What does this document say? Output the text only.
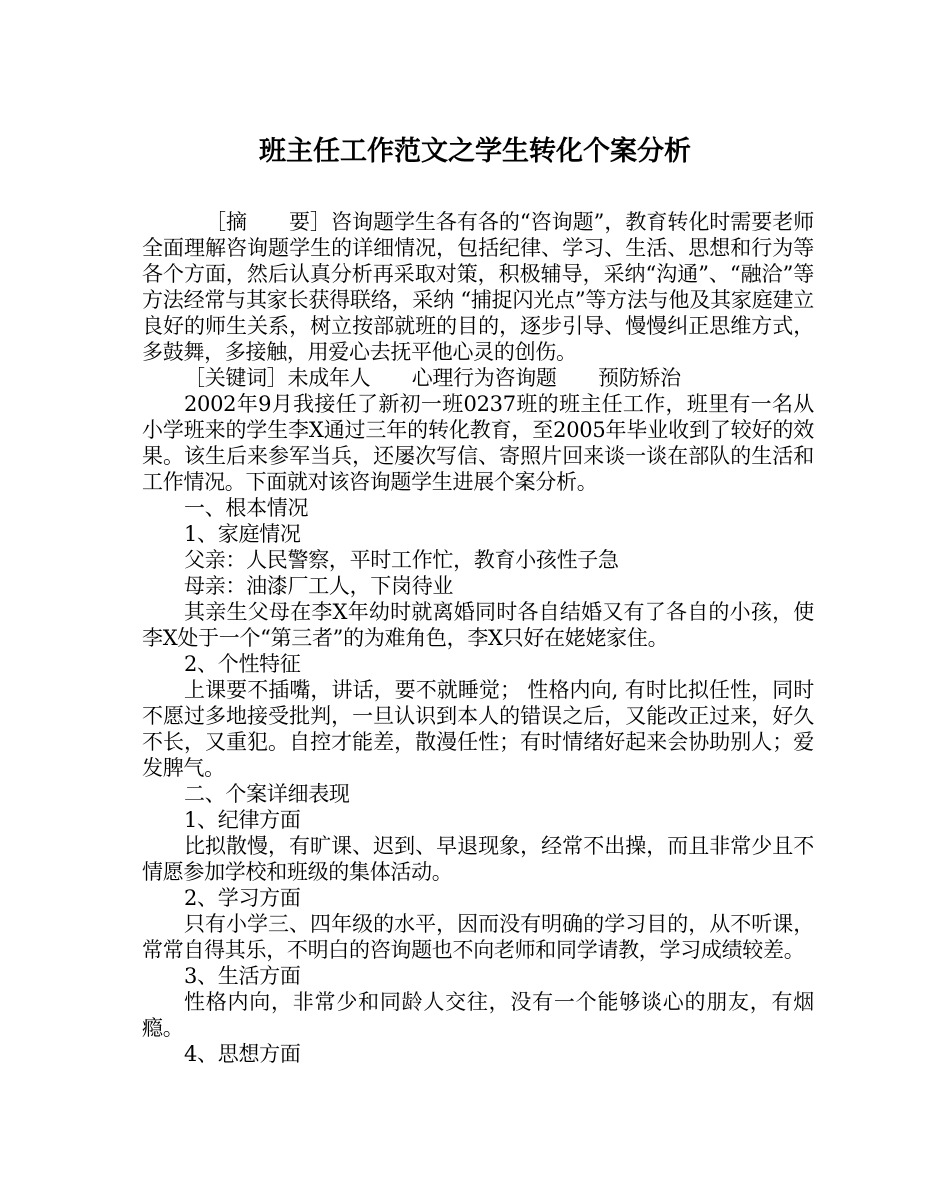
班主任工作范文之学生转化个案分析

［摘　　要］咨询题学生各有各的“咨询题”，教育转化时需要老师全面理解咨询题学生的详细情况，包括纪律、学习、生活、思想和行为等各个方面，然后认真分析再采取对策，积极辅导，采纳“沟通”、“融洽”等方法经常与其家长获得联络，采纳 “捕捉闪光点”等方法与他及其家庭建立良好的师生关系，树立按部就班的目的，逐步引导、慢慢纠正思维方式，多鼓舞，多接触，用爱心去抚平他心灵的创伤。

［关键词］未成年人　　心理行为咨询题　　预防矫治

2002年9月我接任了新初一班0237班的班主任工作，班里有一名从小学班来的学生李X通过三年的转化教育，至2005年毕业收到了较好的效果。该生后来参军当兵，还屡次写信、寄照片回来谈一谈在部队的生活和工作情况。下面就对该咨询题学生进展个案分析。

一、根本情况

1、家庭情况

父亲：人民警察，平时工作忙，教育小孩性子急

母亲：油漆厂工人，下岗待业

其亲生父母在李X年幼时就离婚同时各自结婚又有了各自的小孩，使李X处于一个“第三者”的为难角色，李X只好在姥姥家住。

2、个性特征

上课要不插嘴，讲话，要不就睡觉； 性格内向, 有时比拟任性，同时不愿过多地接受批判，一旦认识到本人的错误之后，又能改正过来，好久不长，又重犯。自控才能差，散漫任性；有时情绪好起来会协助别人；爱发脾气。

二、个案详细表现

1、纪律方面

比拟散慢，有旷课、迟到、早退现象，经常不出操，而且非常少且不情愿参加学校和班级的集体活动。

2、学习方面

只有小学三、四年级的水平，因而没有明确的学习目的，从不听课，常常自得其乐，不明白的咨询题也不向老师和同学请教，学习成绩较差。

3、生活方面

性格内向，非常少和同龄人交往，没有一个能够谈心的朋友，有烟瘾。

4、思想方面
